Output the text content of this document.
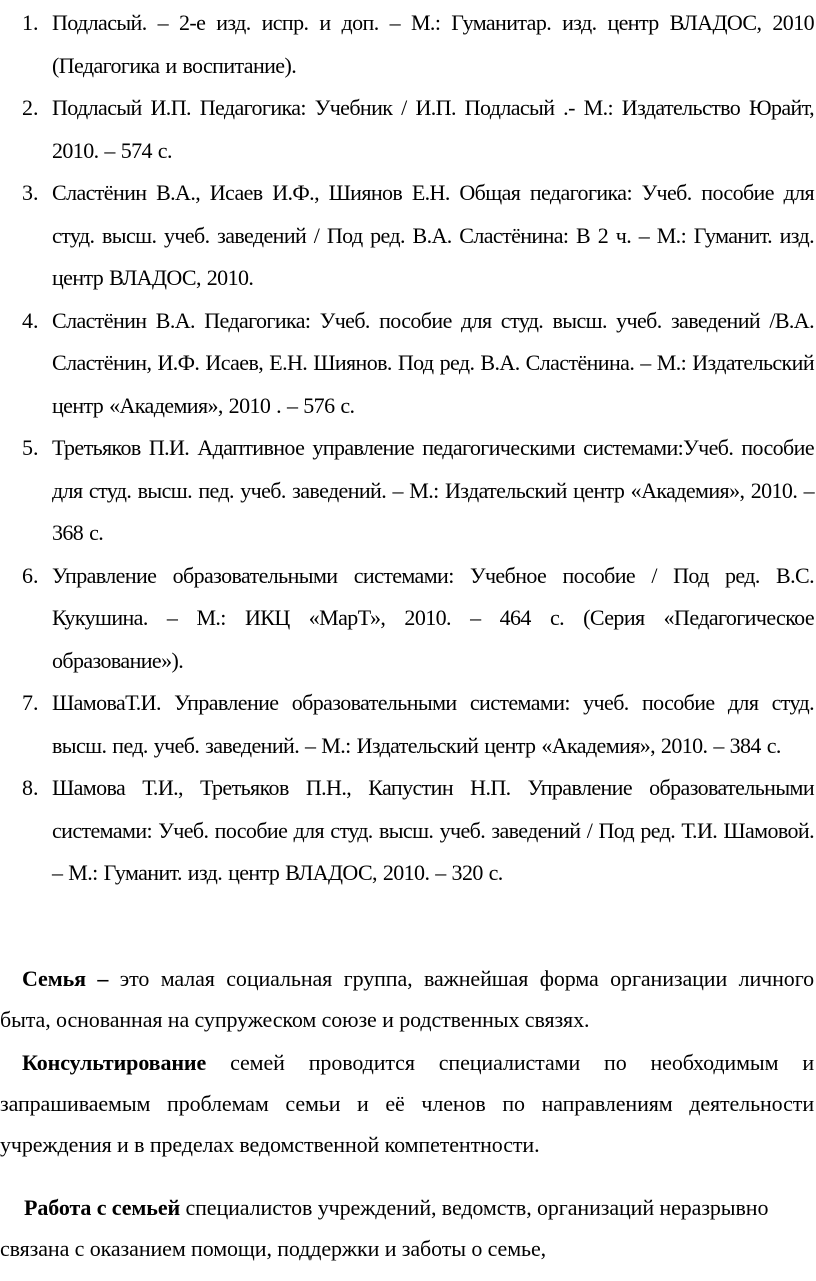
1. Подласый. – 2-е изд. испр. и доп. – М.: Гуманитар. изд. центр ВЛАДОС, 2010 (Педагогика и воспитание).
2. Подласый И.П. Педагогика: Учебник / И.П. Подласый .- М.: Издательство Юрайт, 2010. – 574 с.
3. Сластёнин В.А., Исаев И.Ф., Шиянов Е.Н. Общая педагогика: Учеб. пособие для студ. высш. учеб. заведений / Под ред. В.А. Сластёнина: В 2 ч. – М.: Гуманит. изд. центр ВЛАДОС, 2010.
4. Сластёнин В.А. Педагогика: Учеб. пособие для студ. высш. учеб. заведений /В.А. Сластёнин, И.Ф. Исаев, Е.Н. Шиянов. Под ред. В.А. Сластёнина. – М.: Издательский центр «Академия», 2010 . – 576 с.
5. Третьяков П.И. Адаптивное управление педагогическими системами:Учеб. пособие для студ. высш. пед. учеб. заведений. – М.: Издательский центр «Академия», 2010. – 368 с.
6. Управление образовательными системами: Учебное пособие / Под ред. В.С. Кукушина. – М.: ИКЦ «МарТ», 2010. – 464 с. (Серия «Педагогическое образование»).
7. ШамоваТ.И. Управление образовательными системами: учеб. пособие для студ. высш. пед. учеб. заведений. – М.: Издательский центр «Академия», 2010. – 384 с.
8. Шамова Т.И., Третьяков П.Н., Капустин Н.П. Управление образовательными системами: Учеб. пособие для студ. высш. учеб. заведений / Под ред. Т.И. Шамовой. – М.: Гуманит. изд. центр ВЛАДОС, 2010. – 320 с.

Семья – это малая социальная группа, важнейшая форма организации личного быта, основанная на супружеском союзе и родственных связях.

Консультирование семей проводится специалистами по необходимым и запрашиваемым проблемам семьи и её членов по направлениям деятельности учреждения и в пределах ведомственной компетентности.

Работа с семьей специалистов учреждений, ведомств, организаций неразрывно связана с оказанием помощи, поддержки и заботы о семье,
